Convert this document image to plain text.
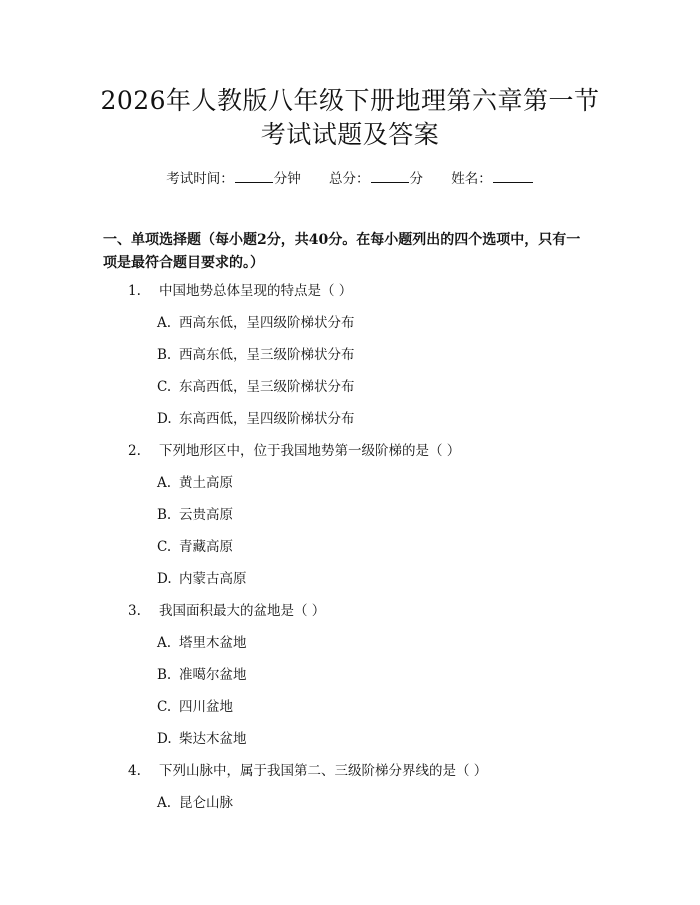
2026年人教版八年级下册地理第六章第一节
考试试题及答案
考试时间：	分钟 总分：	分 姓名：
一、单项选择题（每小题2分，共40分。在每小题列出的四个选项中，只有一项是最符合题目要求的。）
1. 中国地势总体呈现的特点是（ ）
A. 西高东低，呈四级阶梯状分布
B. 西高东低，呈三级阶梯状分布
C. 东高西低，呈三级阶梯状分布
D. 东高西低，呈四级阶梯状分布
2. 下列地形区中，位于我国地势第一级阶梯的是（ ）
A. 黄土高原
B. 云贵高原
C. 青藏高原
D. 内蒙古高原
3. 我国面积最大的盆地是（ ）
A. 塔里木盆地
B. 准噶尔盆地
C. 四川盆地
D. 柴达木盆地
4. 下列山脉中，属于我国第二、三级阶梯分界线的是（ ）
A. 昆仑山脉
